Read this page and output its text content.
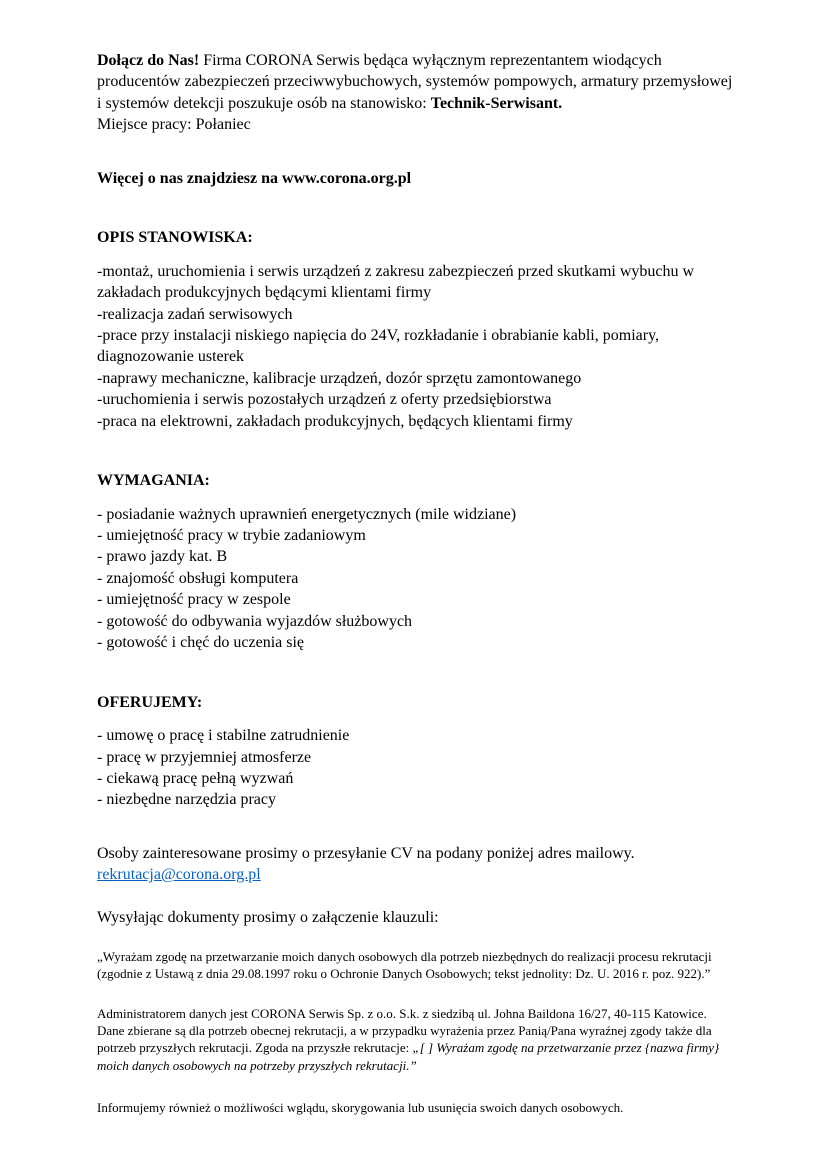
Dołącz do Nas! Firma CORONA Serwis będąca wyłącznym reprezentantem wiodących producentów zabezpieczeń przeciwwybuchowych, systemów pompowych, armatury przemysłowej i systemów detekcji poszukuje osób na stanowisko: Technik-Serwisant.

Miejsce pracy: Połaniec

Więcej o nas znajdziesz na www.corona.org.pl

OPIS STANOWISKA:

-montaż, uruchomienia i serwis urządzeń z zakresu zabezpieczeń przed skutkami wybuchu w zakładach produkcyjnych będącymi klientami firmy

-realizacja zadań serwisowych

-prace przy instalacji niskiego napięcia do 24V, rozkładanie i obrabianie kabli, pomiary, diagnozowanie usterek

-naprawy mechaniczne, kalibracje urządzeń, dozór sprzętu zamontowanego

-uruchomienia i serwis pozostałych urządzeń z oferty przedsiębiorstwa

-praca na elektrowni, zakładach produkcyjnych, będących klientami firmy

WYMAGANIA:

- posiadanie ważnych uprawnień energetycznych (mile widziane)

- umiejętność pracy w trybie zadaniowym

- prawo jazdy kat. B

- znajomość obsługi komputera

- umiejętność pracy w zespole

- gotowość do odbywania wyjazdów służbowych

- gotowość i chęć do uczenia się

OFERUJEMY:

- umowę o pracę i stabilne zatrudnienie

- pracę w przyjemniej atmosferze

- ciekawą pracę pełną wyzwań

- niezbędne narzędzia pracy

Osoby zainteresowane prosimy o przesyłanie CV na podany poniżej adres mailowy.

rekrutacja@corona.org.pl

Wysyłając dokumenty prosimy o załączenie klauzuli:

„Wyrażam zgodę na przetwarzanie moich danych osobowych dla potrzeb niezbędnych do realizacji procesu rekrutacji (zgodnie z Ustawą z dnia 29.08.1997 roku o Ochronie Danych Osobowych; tekst jednolity: Dz. U. 2016 r. poz. 922).”

Administratorem danych jest CORONA Serwis Sp. z o.o. S.k. z siedzibą ul. Johna Baildona 16/27, 40-115 Katowice. Dane zbierane są dla potrzeb obecnej rekrutacji, a w przypadku wyrażenia przez Panią/Pana wyraźnej zgody także dla potrzeb przyszłych rekrutacji. Zgoda na przyszłe rekrutacje: „[ ] Wyrażam zgodę na przetwarzanie przez {nazwa firmy} moich danych osobowych na potrzeby przyszłych rekrutacji.”

Informujemy również o możliwości wglądu, skorygowania lub usunięcia swoich danych osobowych.
